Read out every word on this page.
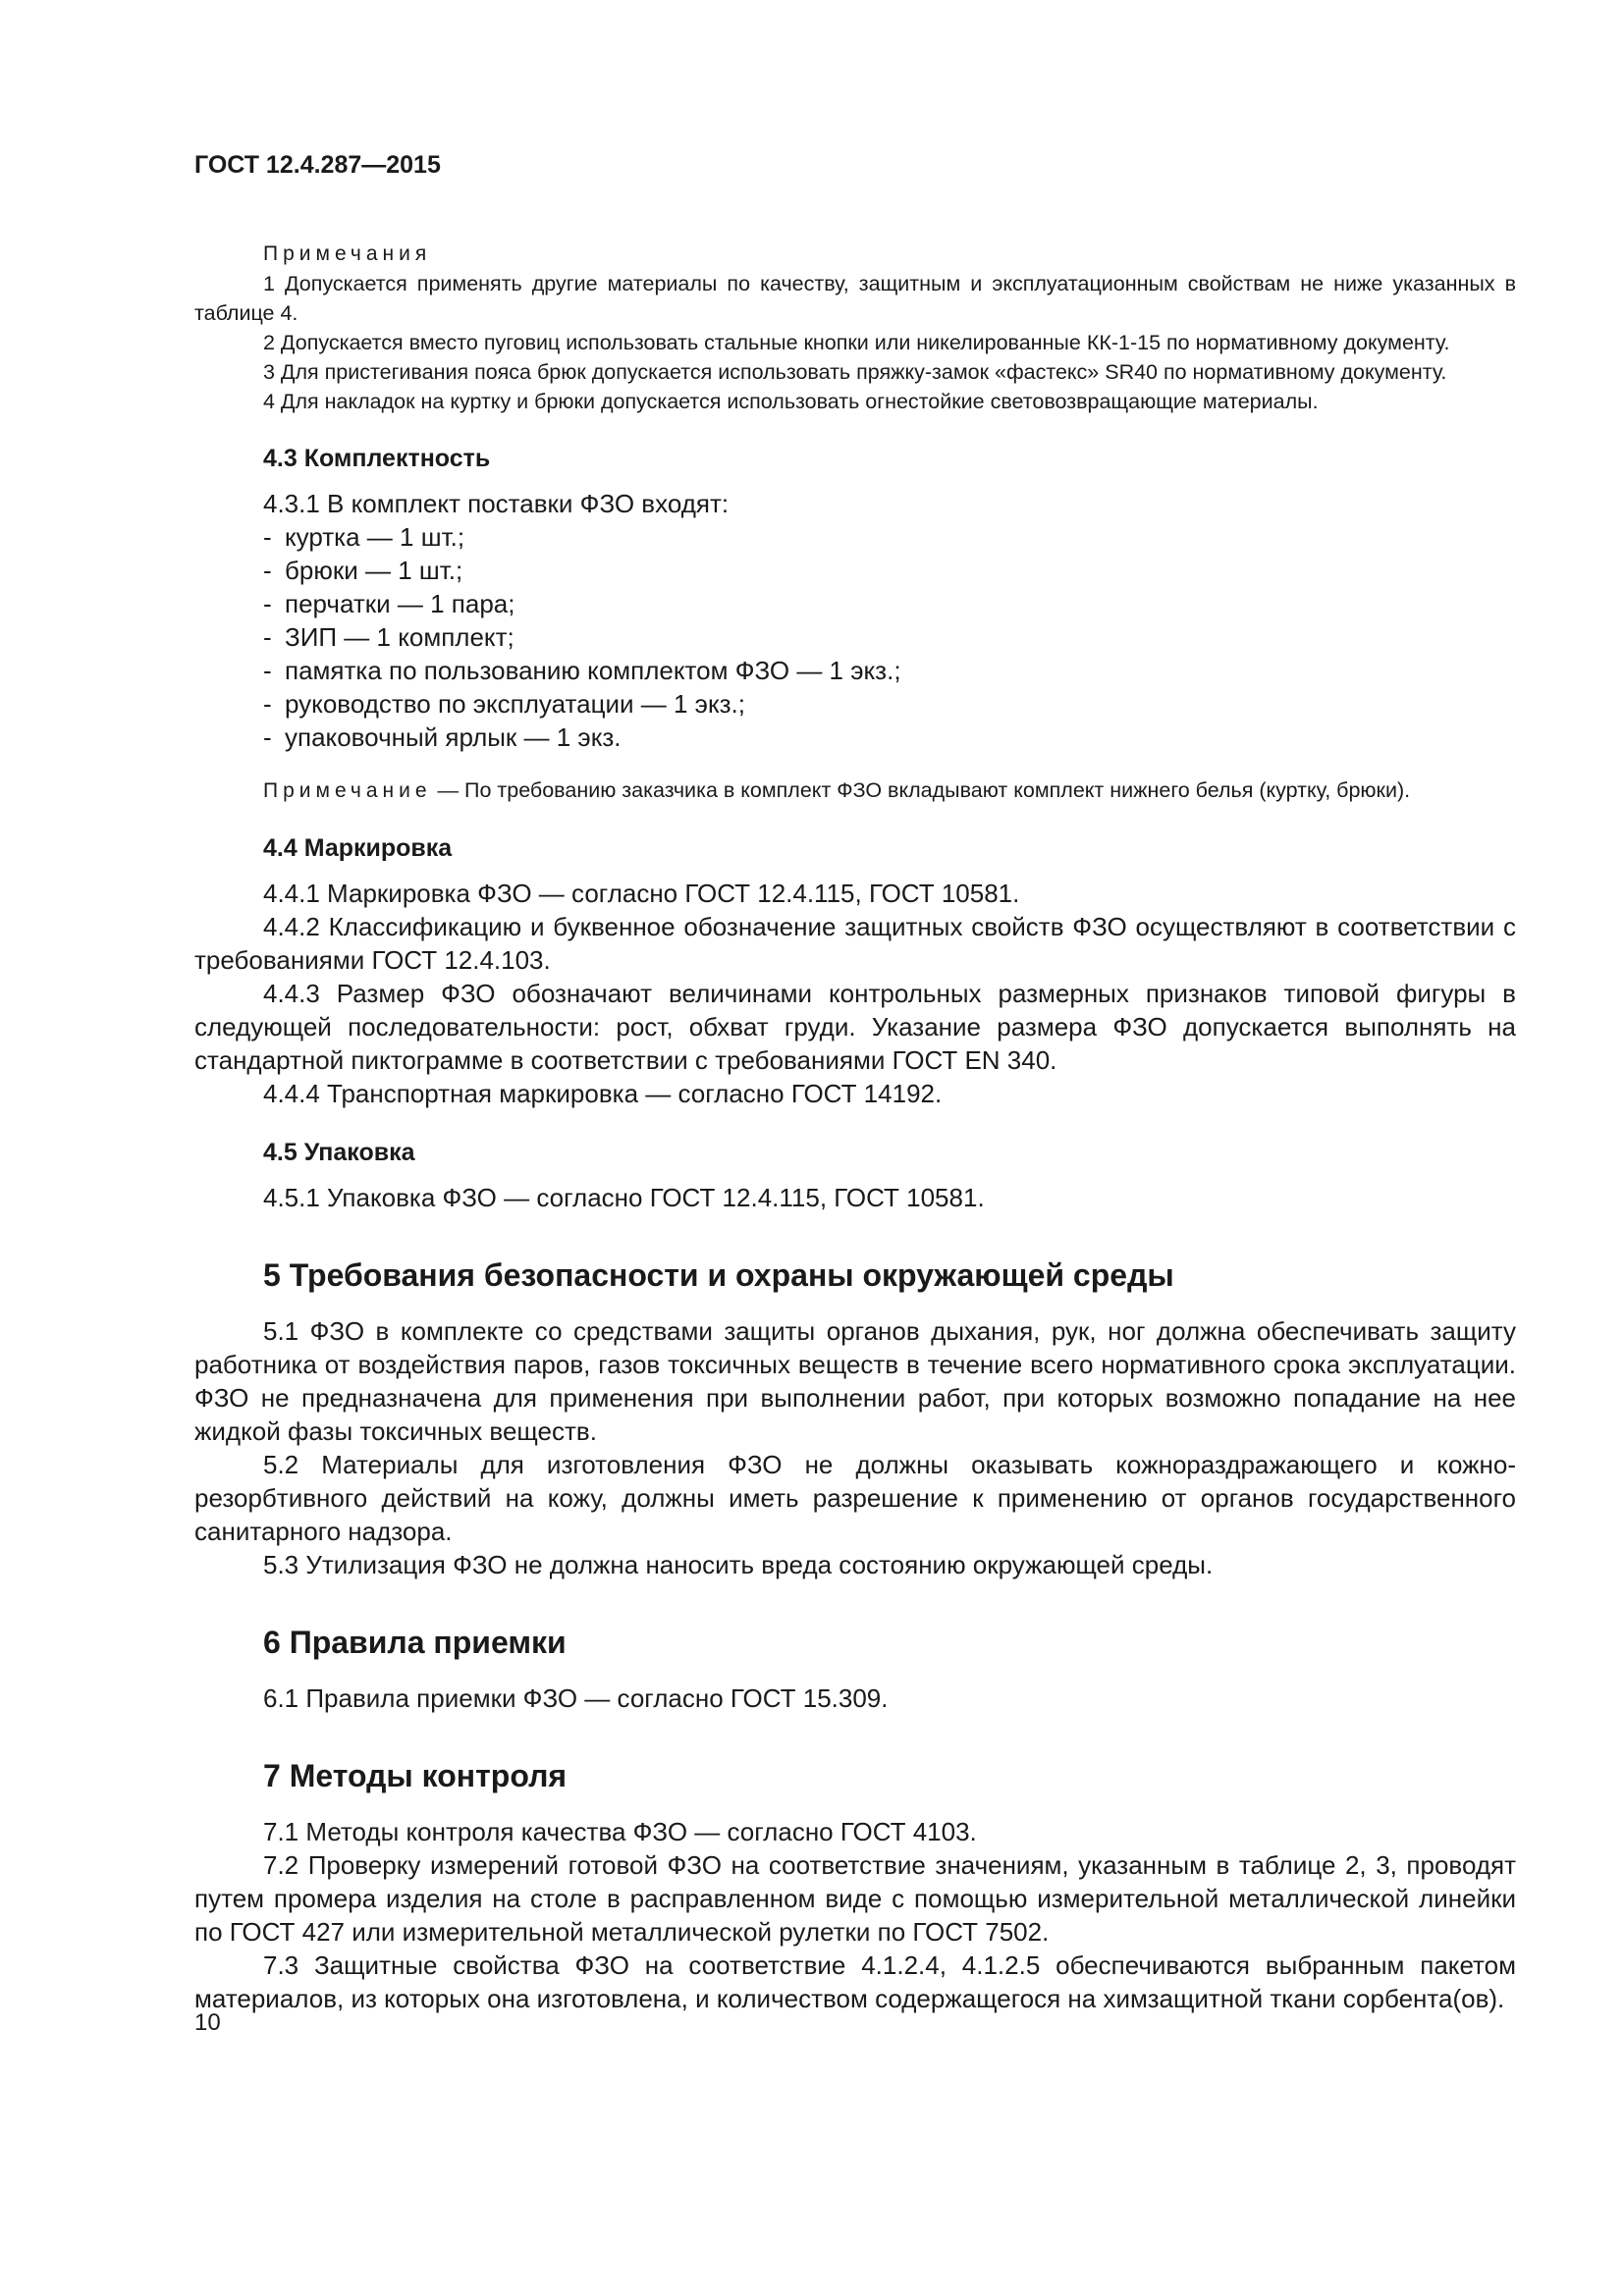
ГОСТ 12.4.287—2015
Примечания

1 Допускается применять другие материалы по качеству, защитным и эксплуатационным свойствам не ниже указанных в таблице 4.

2 Допускается вместо пуговиц использовать стальные кнопки или никелированные КК-1-15 по нормативному документу.

3 Для пристегивания пояса брюк допускается использовать пряжку-замок «фастекс» SR40 по нормативному документу.

4 Для накладок на куртку и брюки допускается использовать огнестойкие световозвращающие материалы.

4.3 Комплектность

4.3.1 В комплект поставки ФЗО входят:

- куртка — 1 шт.;
- брюки — 1 шт.;
- перчатки — 1 пара;
- ЗИП — 1 комплект;
- памятка по пользованию комплектом ФЗО — 1 экз.;
- руководство по эксплуатации — 1 экз.;
- упаковочный ярлык — 1 экз.

Примечание — По требованию заказчика в комплект ФЗО вкладывают комплект нижнего белья (куртку, брюки).

4.4 Маркировка

4.4.1 Маркировка ФЗО — согласно ГОСТ 12.4.115, ГОСТ 10581.

4.4.2 Классификацию и буквенное обозначение защитных свойств ФЗО осуществляют в соответствии с требованиями ГОСТ 12.4.103.

4.4.3 Размер ФЗО обозначают величинами контрольных размерных признаков типовой фигуры в следующей последовательности: рост, обхват груди. Указание размера ФЗО допускается выполнять на стандартной пиктограмме в соответствии с требованиями ГОСТ EN 340.

4.4.4 Транспортная маркировка — согласно ГОСТ 14192.

4.5 Упаковка

4.5.1 Упаковка ФЗО — согласно ГОСТ 12.4.115, ГОСТ 10581.

5 Требования безопасности и охраны окружающей среды

5.1 ФЗО в комплекте со средствами защиты органов дыхания, рук, ног должна обеспечивать защиту работника от воздействия паров, газов токсичных веществ в течение всего нормативного срока эксплуатации. ФЗО не предназначена для применения при выполнении работ, при которых возможно попадание на нее жидкой фазы токсичных веществ.

5.2 Материалы для изготовления ФЗО не должны оказывать кожнораздражающего и кожно-резорбтивного действий на кожу, должны иметь разрешение к применению от органов государственного санитарного надзора.

5.3 Утилизация ФЗО не должна наносить вреда состоянию окружающей среды.

6 Правила приемки

6.1 Правила приемки ФЗО — согласно ГОСТ 15.309.

7 Методы контроля

7.1 Методы контроля качества ФЗО — согласно ГОСТ 4103.

7.2 Проверку измерений готовой ФЗО на соответствие значениям, указанным в таблице 2, 3, проводят путем промера изделия на столе в расправленном виде с помощью измерительной металлической линейки по ГОСТ 427 или измерительной металлической рулетки по ГОСТ 7502.

7.3 Защитные свойства ФЗО на соответствие 4.1.2.4, 4.1.2.5 обеспечиваются выбранным пакетом материалов, из которых она изготовлена, и количеством содержащегося на химзащитной ткани сорбента(ов).

10
